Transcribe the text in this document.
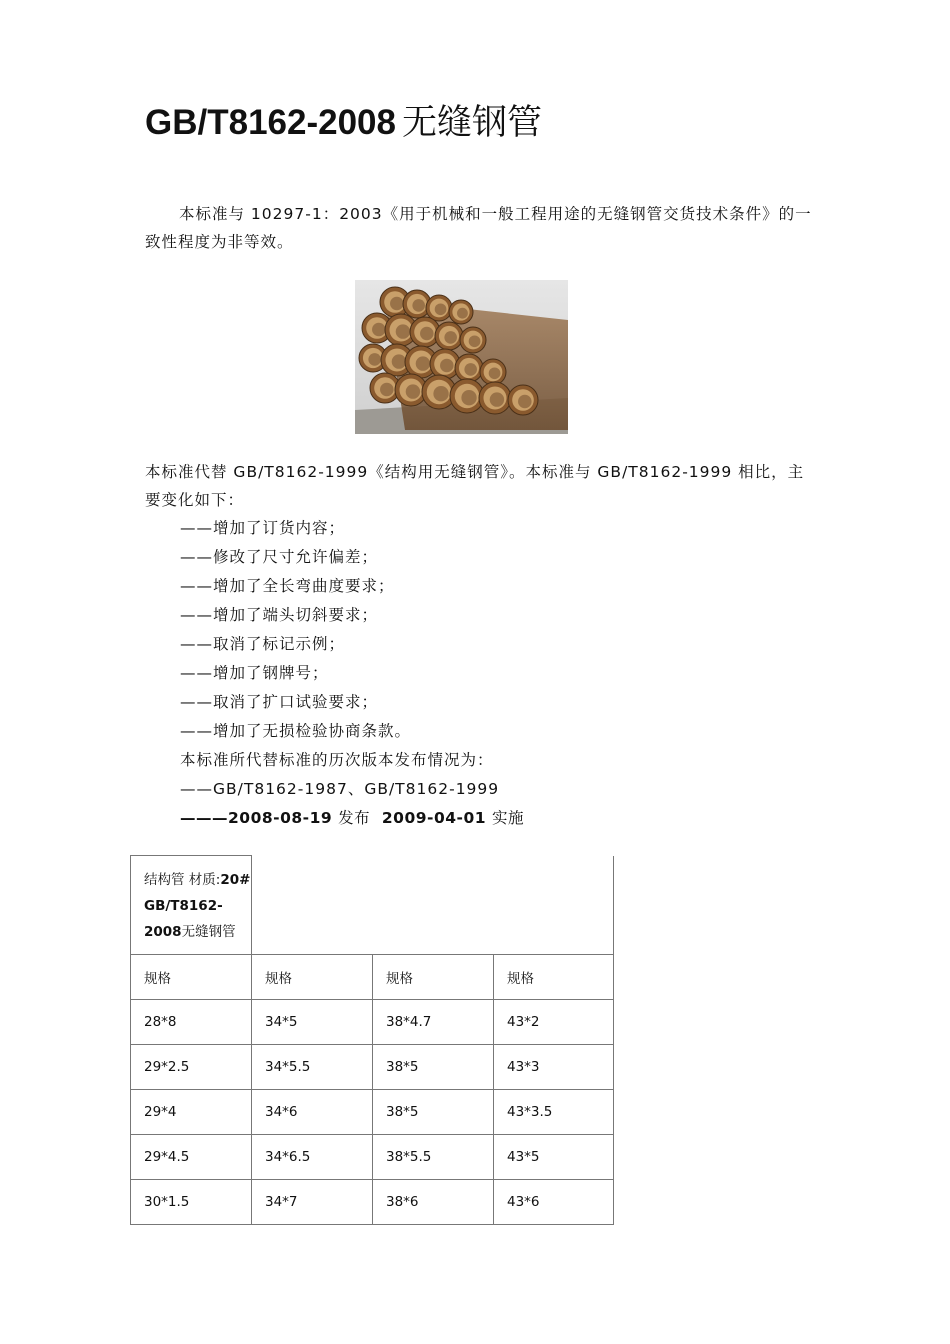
GB/T8162-2008 无缝钢管

本标准与 10297-1：2003《用于机械和一般工程用途的无缝钢管交货技术条件》的一致性程度为非等效。

本标准代替 GB/T8162-1999《结构用无缝钢管》。本标准与 GB/T8162-1999 相比，主要变化如下：

——增加了订货内容；
——修改了尺寸允许偏差；
——增加了全长弯曲度要求；
——增加了端头切斜要求；
——取消了标记示例；
——增加了钢牌号；
——取消了扩口试验要求；
——增加了无损检验协商条款。
本标准所代替标准的历次版本发布情况为：
——GB/T8162-1987、GB/T8162-1999
———2008-08-19 发布 2009-04-01 实施
结构管 材质:20# GB/T8162-2008无缝钢管			
规格	规格	规格	规格
28*8	34*5	38*4.7	43*2
29*2.5	34*5.5	38*5	43*3
29*4	34*6	38*5	43*3.5
29*4.5	34*6.5	38*5.5	43*5
30*1.5	34*7	38*6	43*6
